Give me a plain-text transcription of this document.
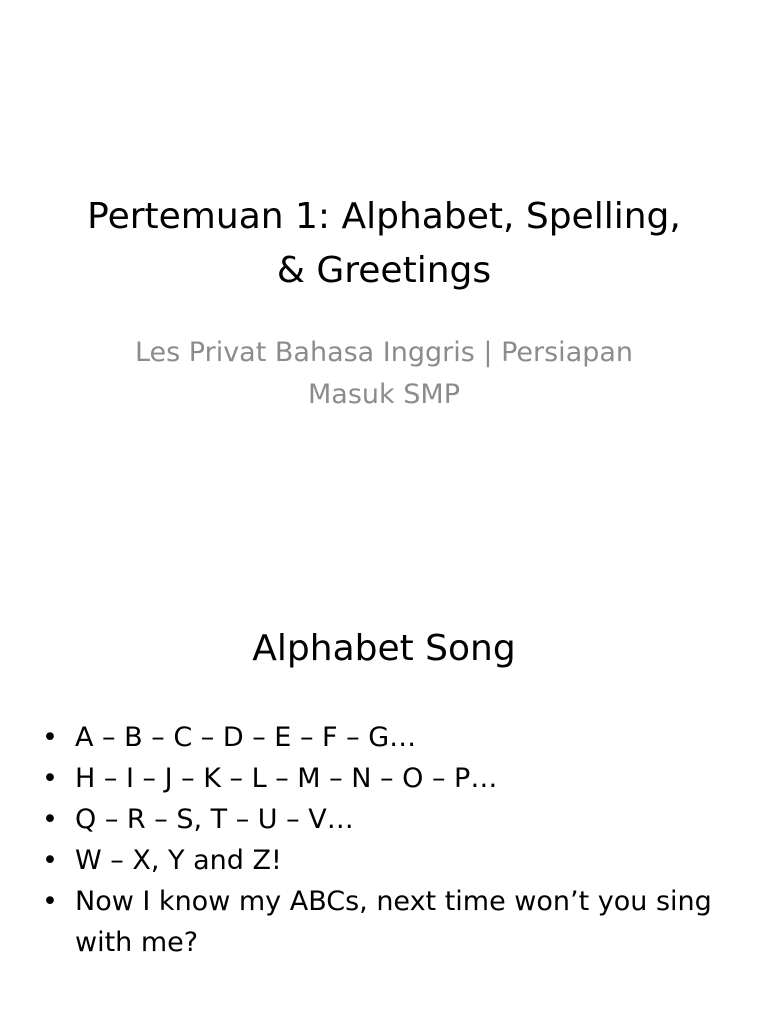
Pertemuan 1: Alphabet, Spelling,
& Greetings

Les Privat Bahasa Inggris | Persiapan
Masuk SMP

Alphabet Song
• A – B – C – D – E – F – G…
• H – I – J – K – L – M – N – O – P…
• Q – R – S, T – U – V…
• W – X, Y and Z!
• Now I know my ABCs, next time won’t you sing with me?
